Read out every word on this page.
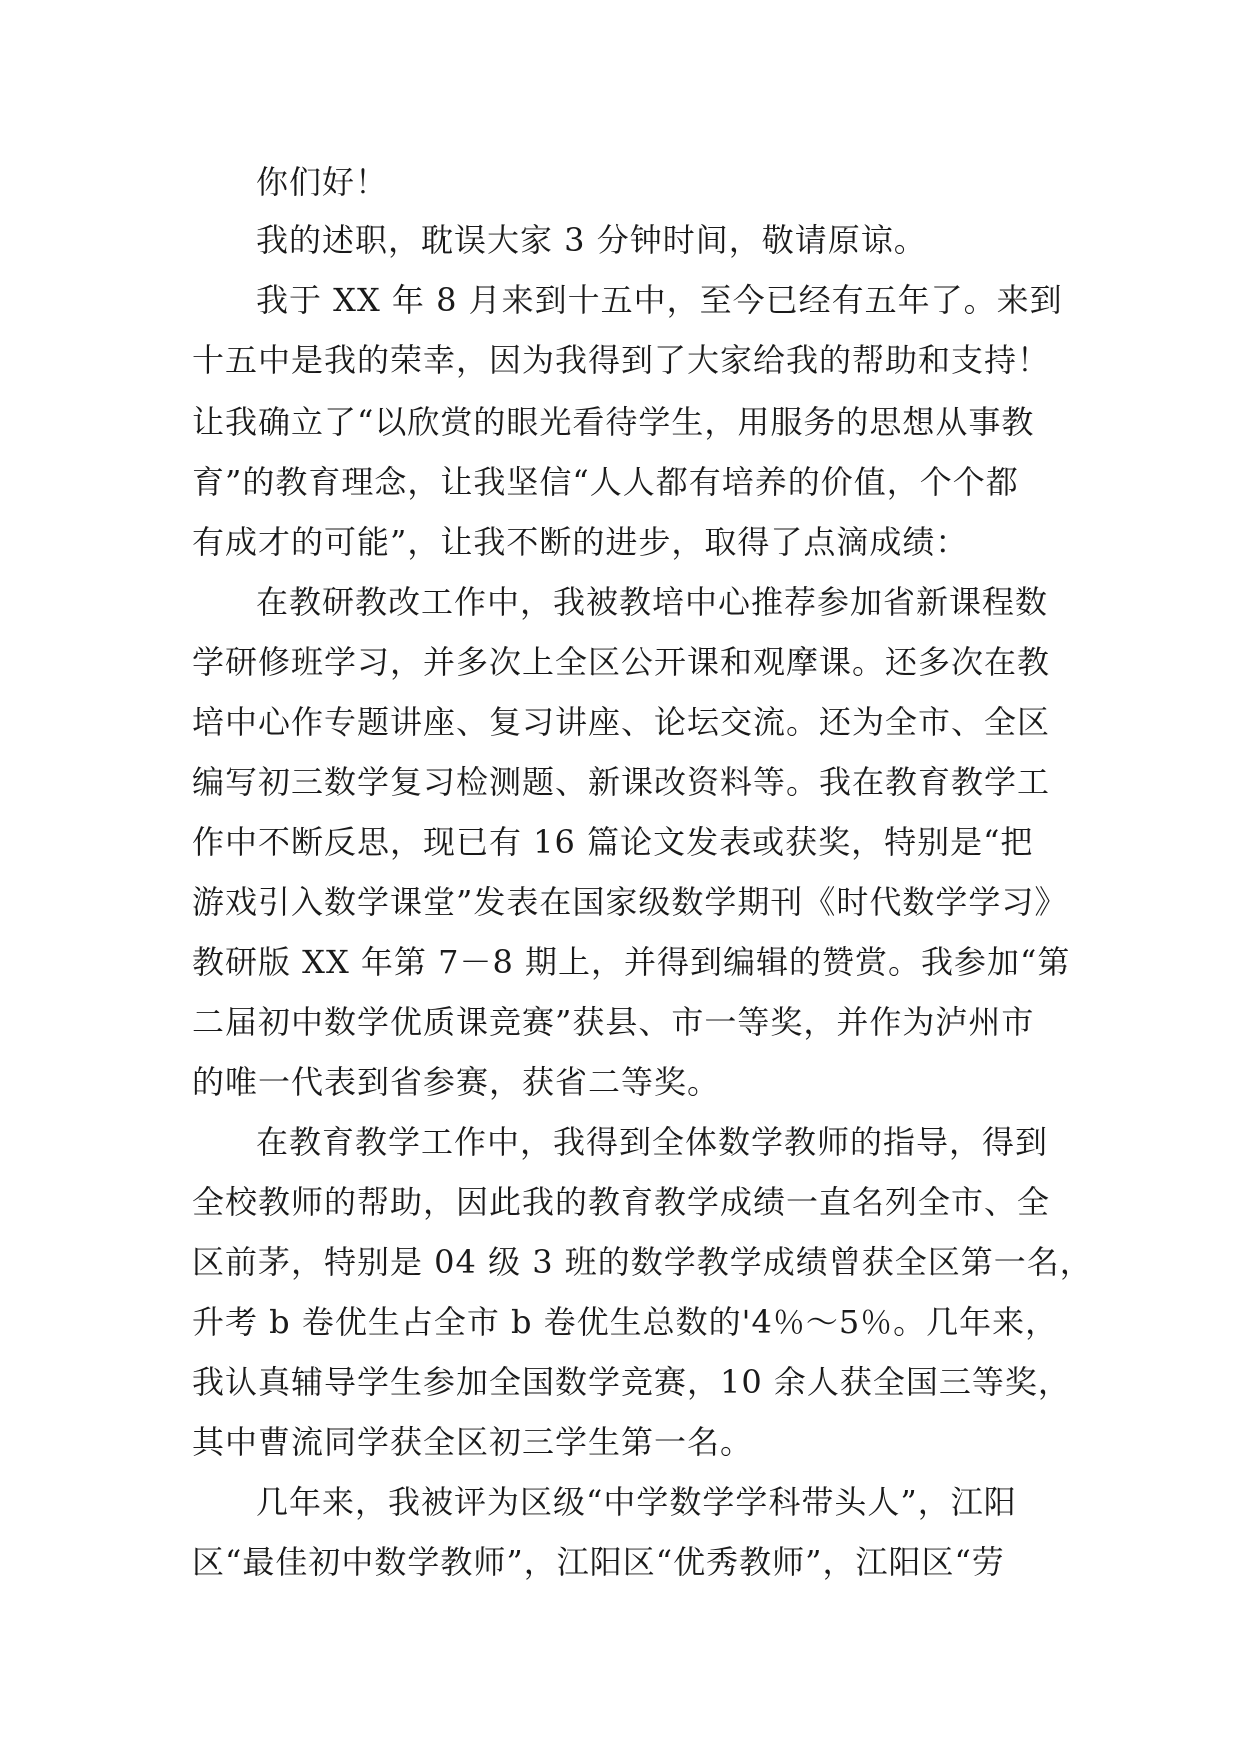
你们好！
我的述职，耽误大家 3 分钟时间，敬请原谅。
我于 XX 年 8 月来到十五中，至今已经有五年了。来到
十五中是我的荣幸，因为我得到了大家给我的帮助和支持！
让我确立了“以欣赏的眼光看待学生，用服务的思想从事教
育”的教育理念，让我坚信“人人都有培养的价值，个个都
有成才的可能”，让我不断的进步，取得了点滴成绩：
在教研教改工作中，我被教培中心推荐参加省新课程数
学研修班学习，并多次上全区公开课和观摩课。还多次在教
培中心作专题讲座、复习讲座、论坛交流。还为全市、全区
编写初三数学复习检测题、新课改资料等。我在教育教学工
作中不断反思，现已有 16 篇论文发表或获奖，特别是“把
游戏引入数学课堂”发表在国家级数学期刊《时代数学学习》
教研版 XX 年第 7－8 期上，并得到编辑的赞赏。我参加“第
二届初中数学优质课竞赛”获县、市一等奖，并作为泸州市
的唯一代表到省参赛，获省二等奖。
在教育教学工作中，我得到全体数学教师的指导，得到
全校教师的帮助，因此我的教育教学成绩一直名列全市、全
区前茅，特别是 04 级 3 班的数学教学成绩曾获全区第一名，
升考 b 卷优生占全市 b 卷优生总数的'4％～5％。几年来，
我认真辅导学生参加全国数学竞赛，10 余人获全国三等奖，
其中曹流同学获全区初三学生第一名。
几年来，我被评为区级“中学数学学科带头人”，江阳
区“最佳初中数学教师”，江阳区“优秀教师”，江阳区“劳
